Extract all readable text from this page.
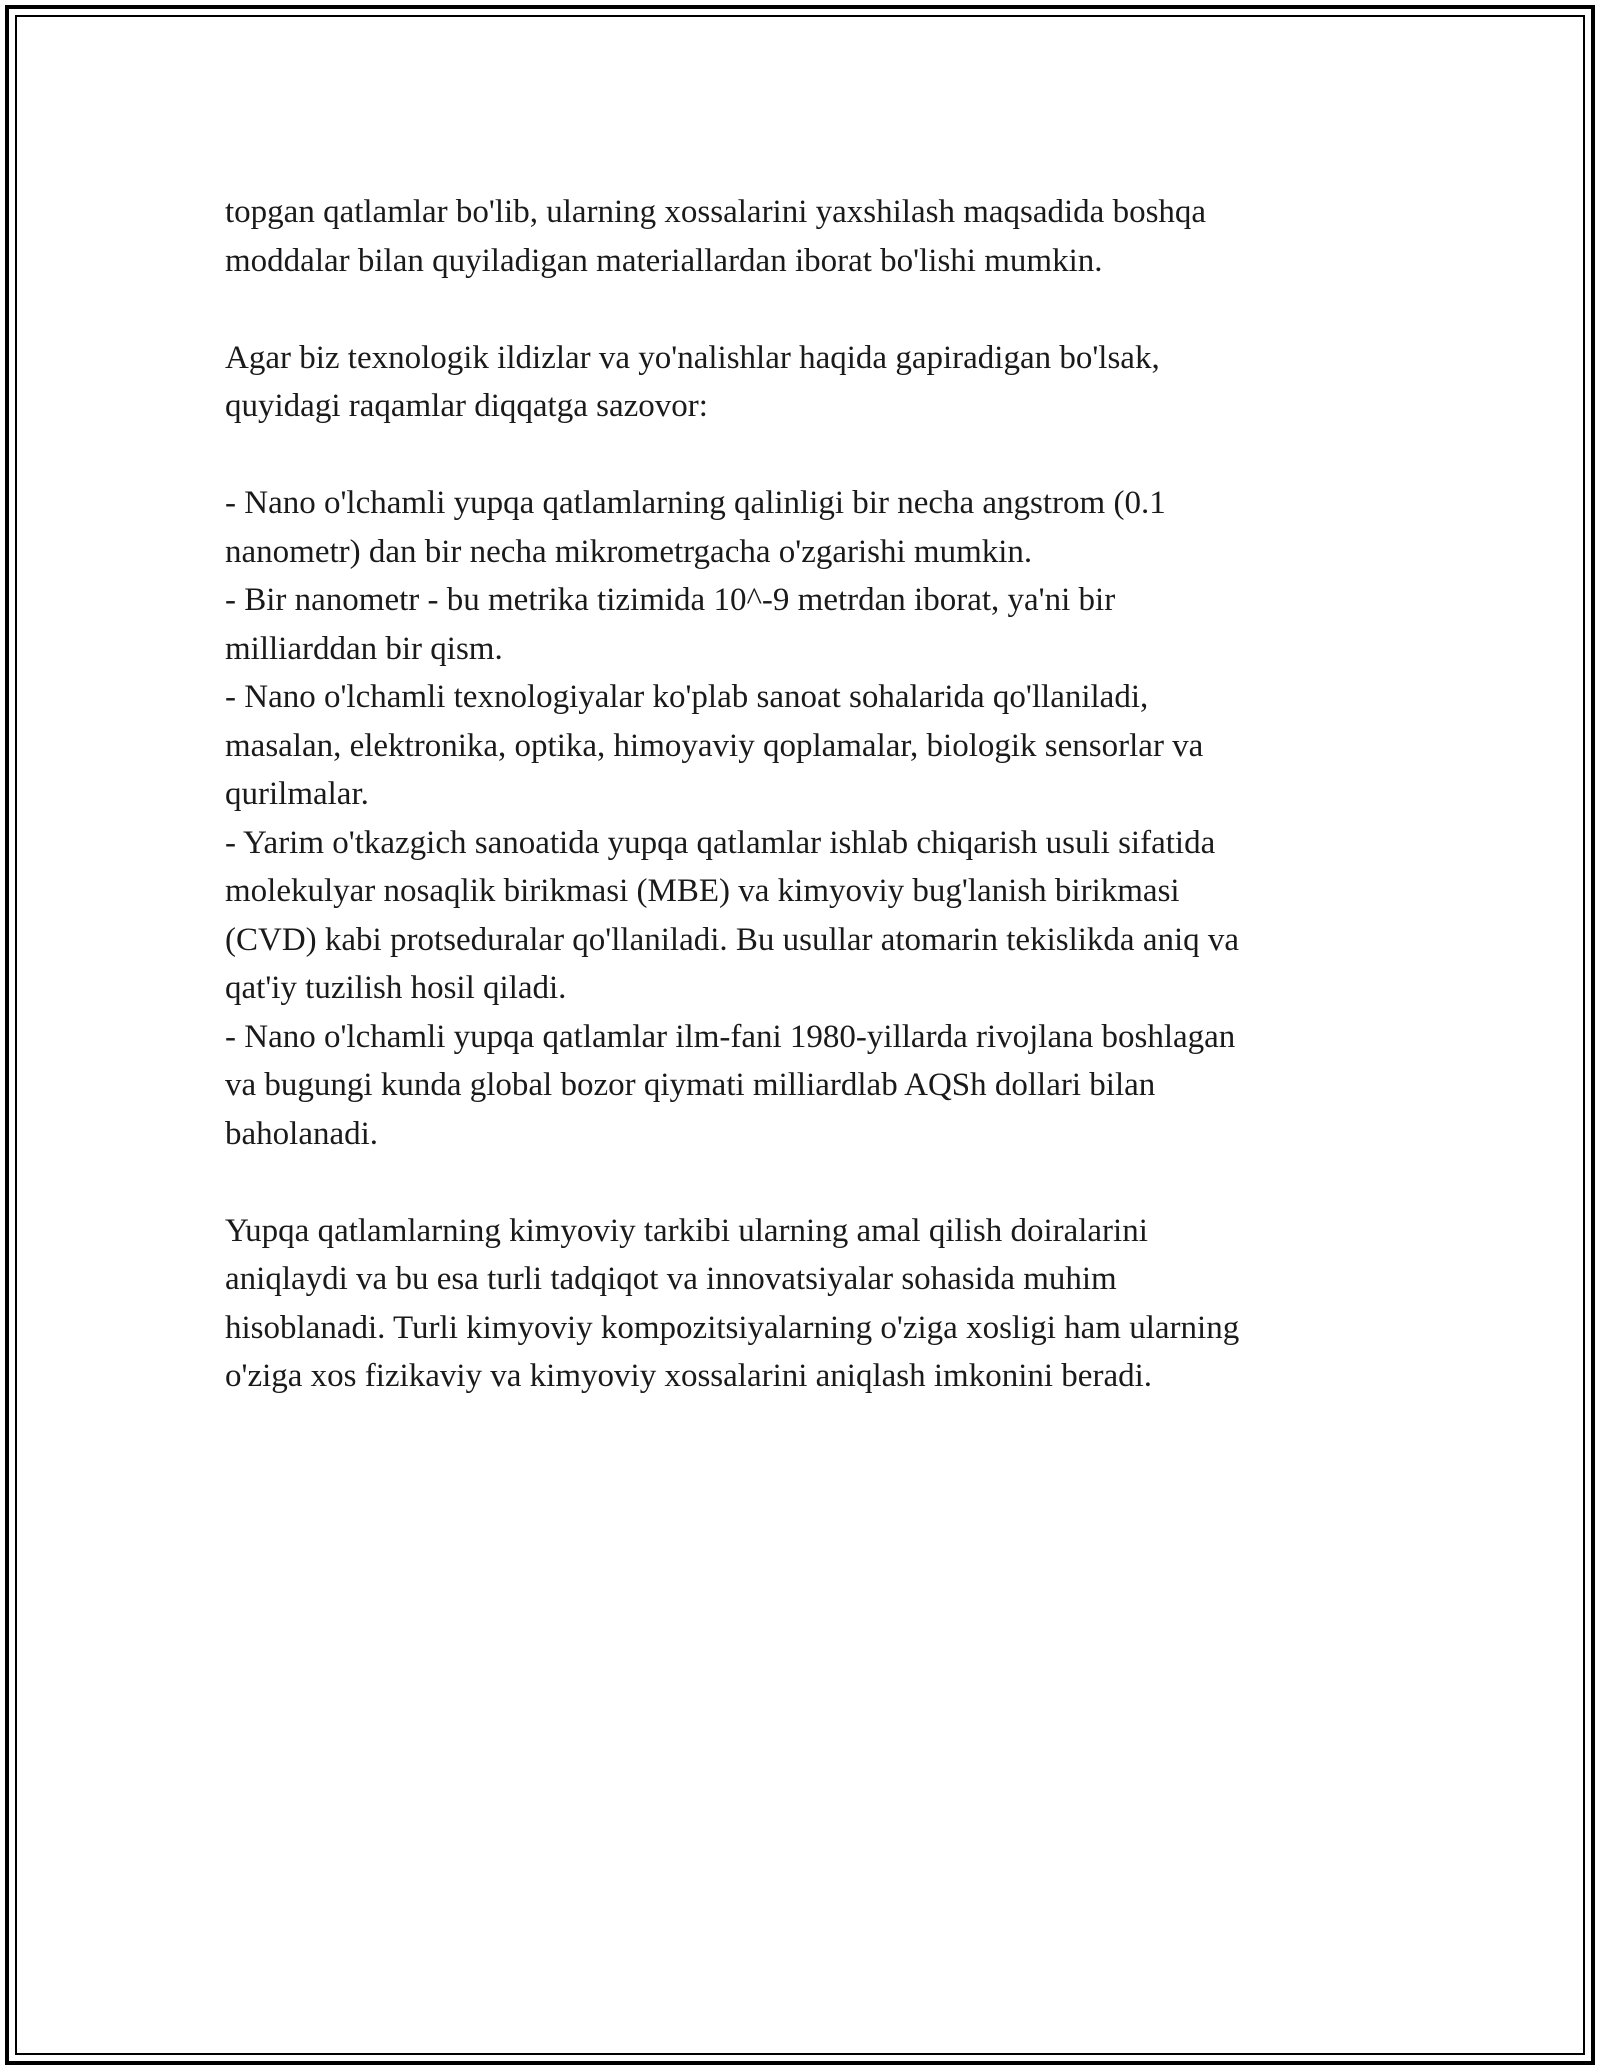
topgan qatlamlar bo'lib, ularning xossalarini yaxshilash maqsadida boshqa
moddalar bilan quyiladigan materiallardan iborat bo'lishi mumkin.

Agar biz texnologik ildizlar va yo'nalishlar haqida gapiradigan bo'lsak,
quyidagi raqamlar diqqatga sazovor:

- Nano o'lchamli yupqa qatlamlarning qalinligi bir necha angstrom (0.1
nanometr) dan bir necha mikrometrgacha o'zgarishi mumkin.
- Bir nanometr - bu metrika tizimida 10^-9 metrdan iborat, ya'ni bir
milliarddan bir qism.
- Nano o'lchamli texnologiyalar ko'plab sanoat sohalarida qo'llaniladi,
masalan, elektronika, optika, himoyaviy qoplamalar, biologik sensorlar va
qurilmalar.
- Yarim o'tkazgich sanoatida yupqa qatlamlar ishlab chiqarish usuli sifatida
molekulyar nosaqlik birikmasi (MBE) va kimyoviy bug'lanish birikmasi
(CVD) kabi protseduralar qo'llaniladi. Bu usullar atomarin tekislikda aniq va
qat'iy tuzilish hosil qiladi.
- Nano o'lchamli yupqa qatlamlar ilm-fani 1980-yillarda rivojlana boshlagan
va bugungi kunda global bozor qiymati milliardlab AQSh dollari bilan
baholanadi.

Yupqa qatlamlarning kimyoviy tarkibi ularning amal qilish doiralarini
aniqlaydi va bu esa turli tadqiqot va innovatsiyalar sohasida muhim
hisoblanadi. Turli kimyoviy kompozitsiyalarning o'ziga xosligi ham ularning
o'ziga xos fizikaviy va kimyoviy xossalarini aniqlash imkonini beradi.
